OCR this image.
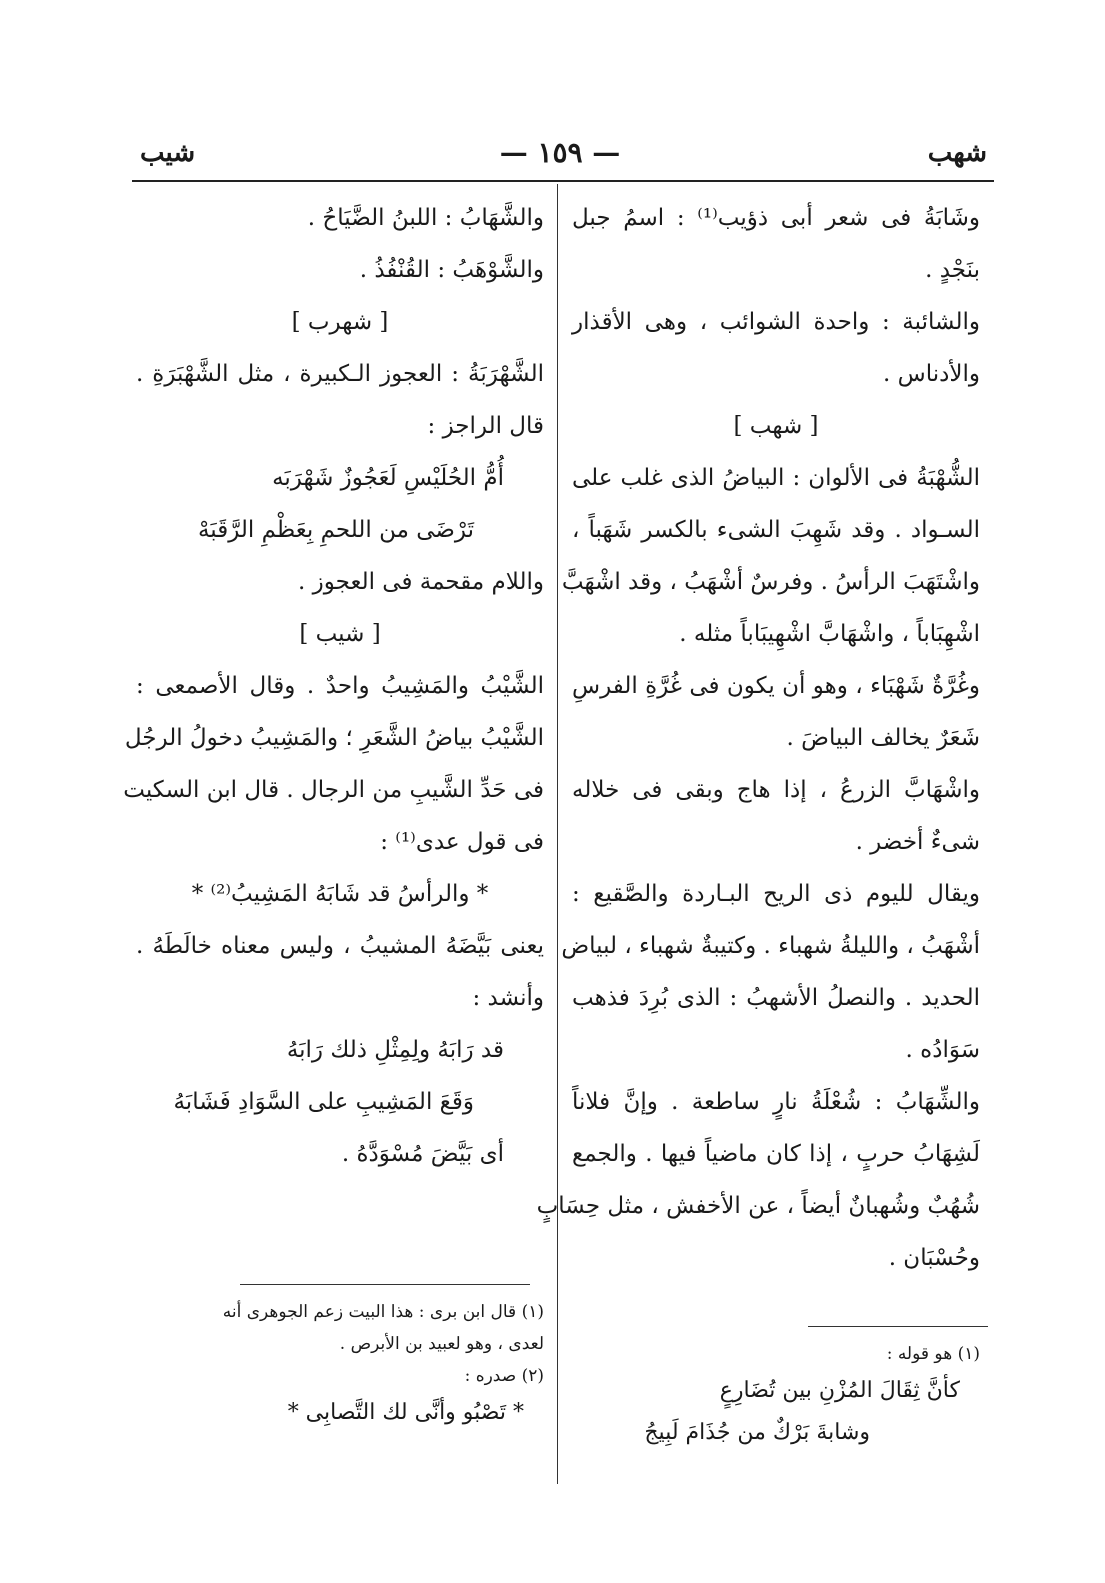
شهب
— ١٥٩ —
شيب
وشَابَةُ فى شعر أبى ذؤيب⁽¹⁾ : اسمُ جبل
بنَجْدٍ .
والشائبة : واحدة الشوائب ، وهى الأقذار
والأدناس .
[ شهب ]
الشُّهْبَةُ فى الألوان : البياضُ الذى غلب على
السـواد . وقد شَهِبَ الشىء بالكسر شَهَباً ،
واشْتَهَبَ الرأسُ . وفرسٌ أشْهَبُ ، وقد اشْهَبَّ
اشْهِبَاباً ، واشْهَابَّ اشْهِيبَاباً مثله .
وغُرَّةٌ شَهْبَاء ، وهو أن يكون فى غُرَّةِ الفرسِ
شَعَرٌ يخالف البياضَ .
واشْهَابَّ الزرعُ ، إذا هاج وبقى فى خلاله
شىءٌ أخضر .
ويقال لليوم ذى الريح البـاردة والصَّقيع :
أشْهَبُ ، والليلةُ شهباء . وكتيبةٌ شهباء ، لبياض
الحديد . والنصلُ الأشهبُ : الذى بُرِدَ فذهب
سَوَادُه .
والشِّهَابُ : شُعْلَةُ نارٍ ساطعة . وإنَّ فلاناً
لَشِهَابُ حربٍ ، إذا كان ماضياً فيها . والجمع
شُهُبٌ وشُهبانٌ أيضاً ، عن الأخفش ، مثل حِسَابٍ
وحُسْبَان .
والشَّهَابُ : اللبنُ الضَّيَاحُ .
والشَّوْهَبُ : القُنْفُذُ .
[ شهرب ]
الشَّهْرَبَةُ : العجوز الـكبيرة ، مثل الشَّهْبَرَةِ .
قال الراجز :
أُمُّ الحُلَيْسِ لَعَجُوزٌ شَهْرَبَه
تَرْضَى من اللحمِ بِعَظْمِ الرَّقَبَهْ
واللام مقحمة فى العجوز .
[ شيب ]
الشَّيْبُ والمَشِيبُ واحدٌ . وقال الأصمعى :
الشَّيْبُ بياضُ الشَّعَرِ ؛ والمَشِيبُ دخولُ الرجُل
فى حَدِّ الشَّيبِ من الرجال . قال ابن السكيت
فى قول عدى⁽¹⁾ :
* والرأسُ قد شَابَهُ المَشِيبُ⁽²⁾ *
يعنى بَيَّضَهُ المشيبُ ، وليس معناه خالَطَهُ .
وأنشد :
قد رَابَهُ ولِمِثْلِ ذلك رَابَهُ
وَقَعَ المَشِيبِ على السَّوَادِ فَشَابَهُ
أى بَيَّضَ مُسْوَدَّهُ .
(١) قال ابن برى : هذا البيت زعم الجوهرى أنه
لعدى ، وهو لعبيد بن الأبرص .
(٢) صدره :
* تَصْبُو وأنَّى لك التَّصابِى *
(١) هو قوله :
كأنَّ ثِقَالَ المُزْنِ بين تُضَارِعٍ
وشابةَ بَرْكٌ من جُذَامَ لَبِيجُ
